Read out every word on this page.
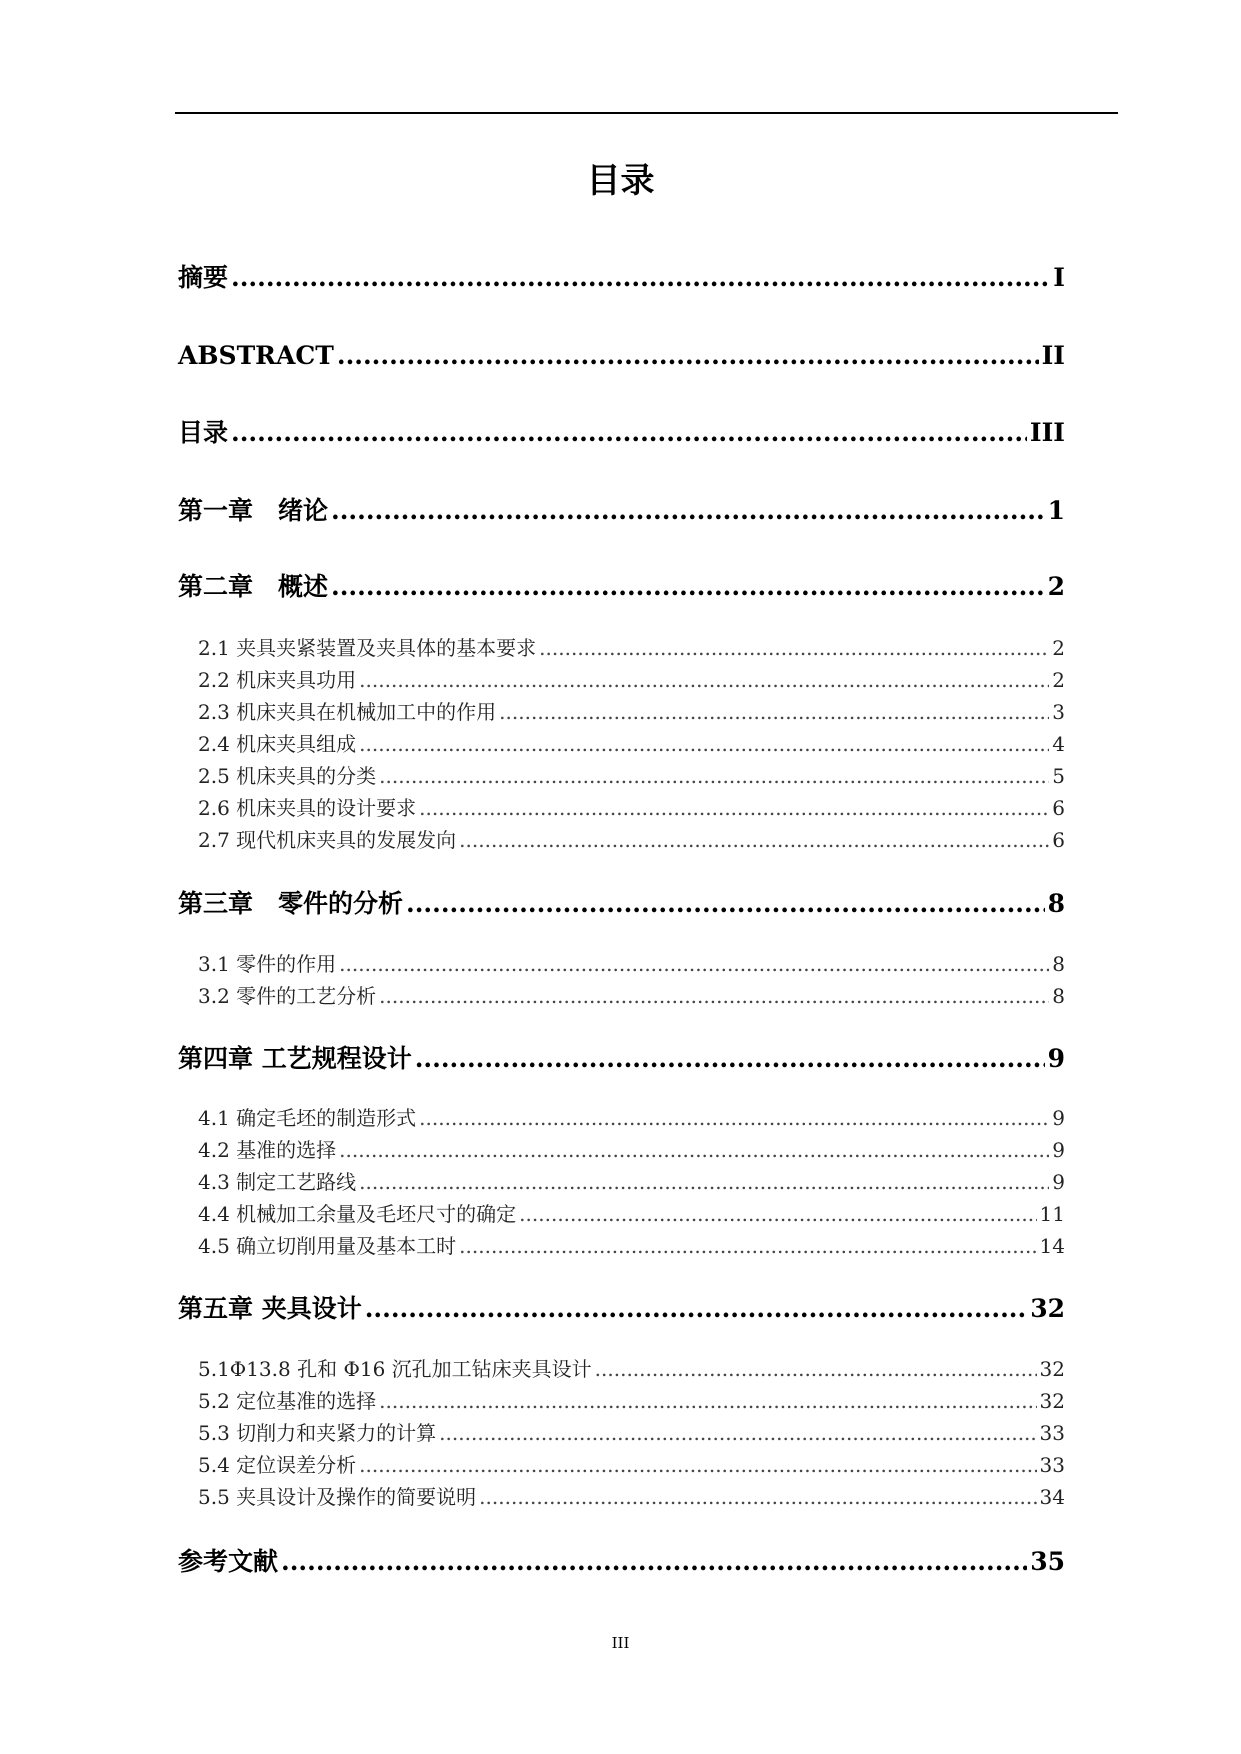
目录
摘要 .....	I
ABSTRACT .....	II
目录 .....	III
第一章　绪论 .....	1
第二章　概述 .....	2
2.1 夹具夹紧装置及夹具体的基本要求 .....	2
2.2 机床夹具功用 .....	2
2.3 机床夹具在机械加工中的作用 .....	3
2.4 机床夹具组成 .....	4
2.5 机床夹具的分类 .....	5
2.6 机床夹具的设计要求 .....	6
2.7 现代机床夹具的发展发向 .....	6
第三章　零件的分析 .....	8
3.1 零件的作用 .....	8
3.2 零件的工艺分析 .....	8
第四章 工艺规程设计 .....	9
4.1 确定毛坯的制造形式 .....	9
4.2 基准的选择 .....	9
4.3 制定工艺路线 .....	9
4.4 机械加工余量及毛坯尺寸的确定 .....	11
4.5 确立切削用量及基本工时 .....	14
第五章 夹具设计 .....	32
5.1Φ13.8 孔和 Φ16 沉孔加工钻床夹具设计 .....	32
5.2 定位基准的选择 .....	32
5.3 切削力和夹紧力的计算 .....	33
5.4 定位误差分析 .....	33
5.5 夹具设计及操作的简要说明 .....	34
参考文献 .....	35
III
